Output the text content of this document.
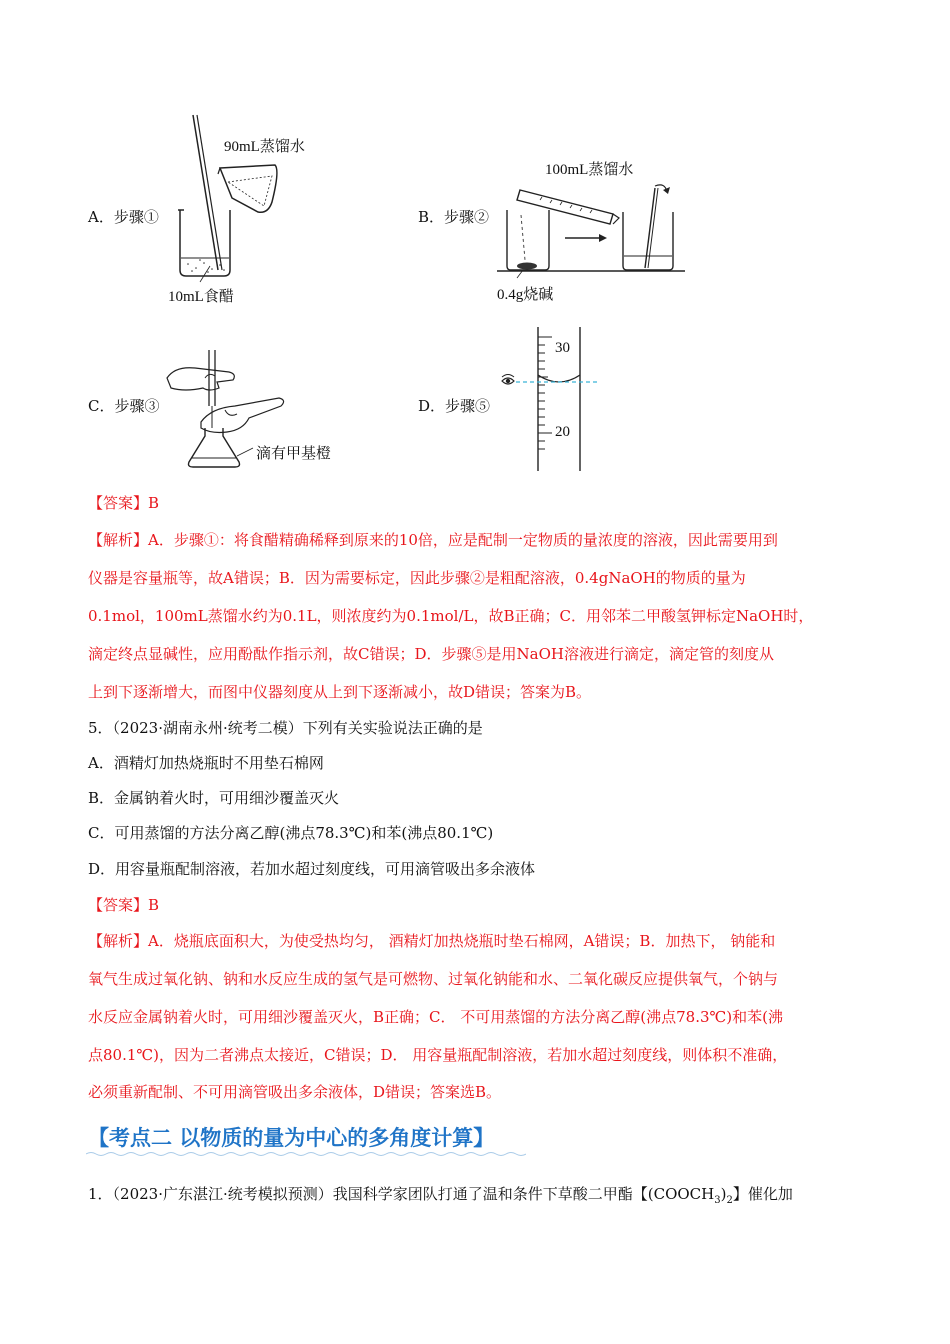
A．步骤①	B．步骤②
C．步骤③	D．步骤⑤
90mL蒸馏水
10mL食醋
100mL蒸馏水
0.4g烧碱
滴有甲基橙
30
20
【答案】B
【解析】A．步骤①：将食醋精确稀释到原来的10倍，应是配制一定物质的量浓度的溶液，因此需要用到
仪器是容量瓶等，故A错误；B．因为需要标定，因此步骤②是粗配溶液，0.4gNaOH的物质的量为
0.1mol，100mL蒸馏水约为0.1L，则浓度约为0.1mol/L，故B正确；C．用邻苯二甲酸氢钾标定NaOH时，
滴定终点显碱性，应用酚酞作指示剂，故C错误；D．步骤⑤是用NaOH溶液进行滴定，滴定管的刻度从
上到下逐渐增大，而图中仪器刻度从上到下逐渐减小，故D错误；答案为B。
5．（2023·湖南永州·统考二模）下列有关实验说法正确的是
A．酒精灯加热烧瓶时不用垫石棉网
B．金属钠着火时，可用细沙覆盖灭火
C．可用蒸馏的方法分离乙醇(沸点78.3℃)和苯(沸点80.1℃)
D．用容量瓶配制溶液，若加水超过刻度线，可用滴管吸出多余液体
【答案】B
【解析】A．烧瓶底面积大，为使受热均匀， 酒精灯加热烧瓶时垫石棉网，A错误；B．加热下， 钠能和
氧气生成过氧化钠、钠和水反应生成的氢气是可燃物、过氧化钠能和水、二氧化碳反应提供氧气，个钠与
水反应金属钠着火时，可用细沙覆盖灭火，B正确；C． 不可用蒸馏的方法分离乙醇(沸点78.3℃)和苯(沸
点80.1℃)，因为二者沸点太接近，C错误；D． 用容量瓶配制溶液，若加水超过刻度线，则体积不准确，
必须重新配制、不可用滴管吸出多余液体，D错误；答案选B。
【考点二 以物质的量为中心的多角度计算】
1．（2023·广东湛江·统考模拟预测）我国科学家团队打通了温和条件下草酸二甲酯【$(COOCH_3)_2$】催化加
